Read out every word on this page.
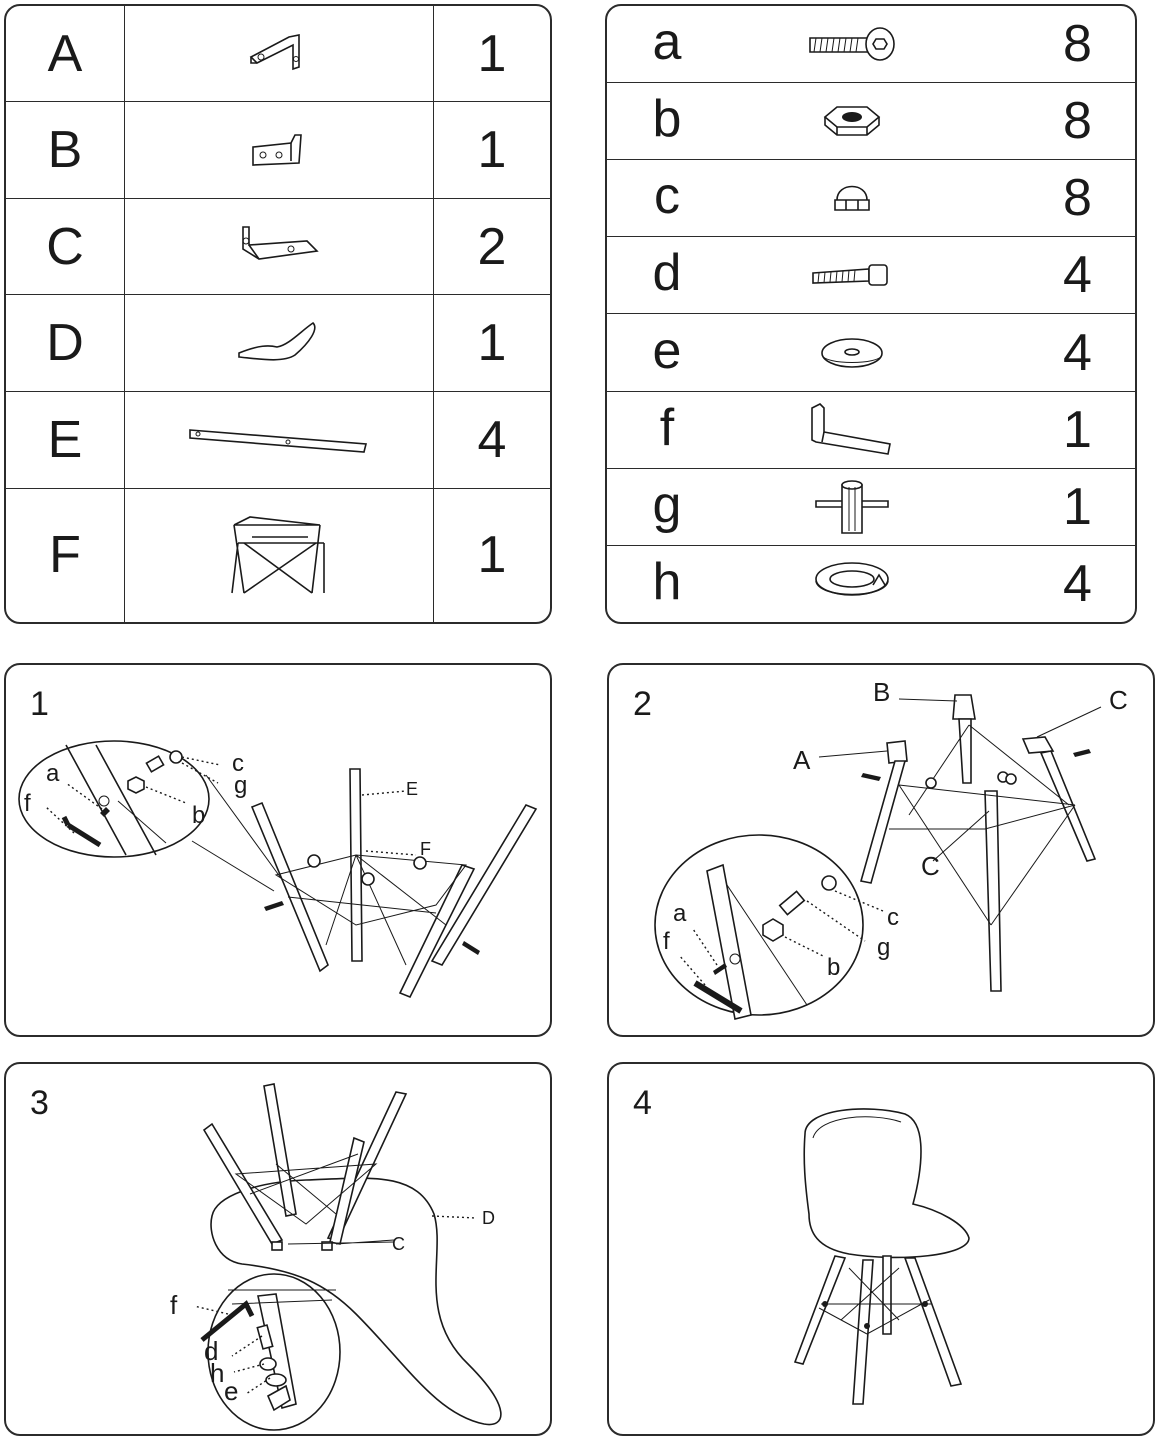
A		1
B		1
C		2
D		1
E		4
F		1
a		8
b		8
c		8
d		4
e		4
f		1
g		1
h		4
1
a
f
c
g
b
E
F
2	B	C
A
C
c
g
b
a
f
3
C
D
f
d
h
e
4
